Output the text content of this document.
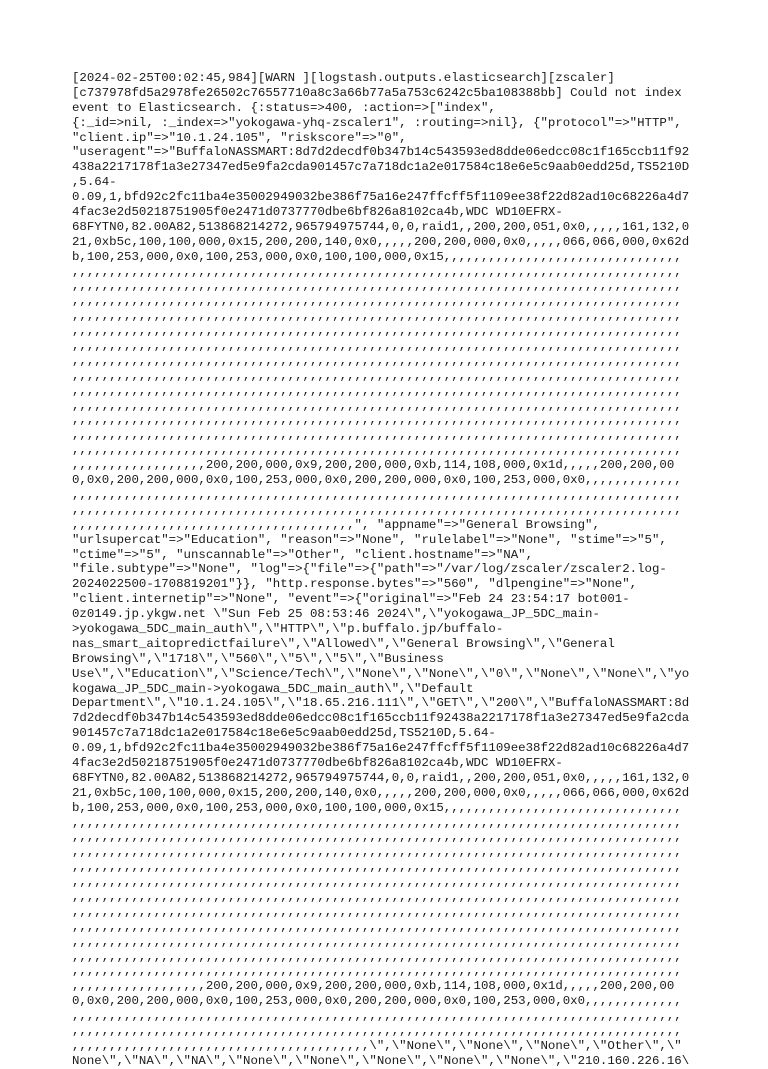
[2024-02-25T00:02:45,984][WARN ][logstash.outputs.elasticsearch][zscaler]
[c737978fd5a2978fe26502c76557710a8c3a66b77a5a753c6242c5ba108388bb] Could not index
event to Elasticsearch. {:status=>400, :action=>["index",
{:_id=>nil, :_index=>"yokogawa-yhq-zscaler1", :routing=>nil}, {"protocol"=>"HTTP",
"client.ip"=>"10.1.24.105", "riskscore"=>"0",
"useragent"=>"BuffaloNASSMART:8d7d2decdf0b347b14c543593ed8dde06edcc08c1f165ccb11f92
438a2217178f1a3e27347ed5e9fa2cda901457c7a718dc1a2e017584c18e6e5c9aab0edd25d,TS5210D
,5.64-
0.09,1,bfd92c2fc11ba4e35002949032be386f75a16e247ffcff5f1109ee38f22d82ad10c68226a4d7
4fac3e2d50218751905f0e2471d0737770dbe6bf826a8102ca4b,WDC WD10EFRX-
68FYTN0,82.00A82,513868214272,965794975744,0,0,raid1,,200,200,051,0x0,,,,,161,132,0
21,0xb5c,100,100,000,0x15,200,200,140,0x0,,,,,200,200,000,0x0,,,,,066,066,000,0x62d
b,100,253,000,0x0,100,253,000,0x0,100,100,000,0x15,,,,,,,,,,,,,,,,,,,,,,,,,,,,,,,,
,,,,,,,,,,,,,,,,,,,,,,,,,,,,,,,,,,,,,,,,,,,,,,,,,,,,,,,,,,,,,,,,,,,,,,,,,,,,,,,,,,
,,,,,,,,,,,,,,,,,,,,,,,,,,,,,,,,,,,,,,,,,,,,,,,,,,,,,,,,,,,,,,,,,,,,,,,,,,,,,,,,,,
,,,,,,,,,,,,,,,,,,,,,,,,,,,,,,,,,,,,,,,,,,,,,,,,,,,,,,,,,,,,,,,,,,,,,,,,,,,,,,,,,,
,,,,,,,,,,,,,,,,,,,,,,,,,,,,,,,,,,,,,,,,,,,,,,,,,,,,,,,,,,,,,,,,,,,,,,,,,,,,,,,,,,
,,,,,,,,,,,,,,,,,,,,,,,,,,,,,,,,,,,,,,,,,,,,,,,,,,,,,,,,,,,,,,,,,,,,,,,,,,,,,,,,,,
,,,,,,,,,,,,,,,,,,,,,,,,,,,,,,,,,,,,,,,,,,,,,,,,,,,,,,,,,,,,,,,,,,,,,,,,,,,,,,,,,,
,,,,,,,,,,,,,,,,,,,,,,,,,,,,,,,,,,,,,,,,,,,,,,,,,,,,,,,,,,,,,,,,,,,,,,,,,,,,,,,,,,
,,,,,,,,,,,,,,,,,,,,,,,,,,,,,,,,,,,,,,,,,,,,,,,,,,,,,,,,,,,,,,,,,,,,,,,,,,,,,,,,,,
,,,,,,,,,,,,,,,,,,,,,,,,,,,,,,,,,,,,,,,,,,,,,,,,,,,,,,,,,,,,,,,,,,,,,,,,,,,,,,,,,,
,,,,,,,,,,,,,,,,,,,,,,,,,,,,,,,,,,,,,,,,,,,,,,,,,,,,,,,,,,,,,,,,,,,,,,,,,,,,,,,,,,
,,,,,,,,,,,,,,,,,,,,,,,,,,,,,,,,,,,,,,,,,,,,,,,,,,,,,,,,,,,,,,,,,,,,,,,,,,,,,,,,,,
,,,,,,,,,,,,,,,,,,,,,,,,,,,,,,,,,,,,,,,,,,,,,,,,,,,,,,,,,,,,,,,,,,,,,,,,,,,,,,,,,,
,,,,,,,,,,,,,,,,,,,,,,,,,,,,,,,,,,,,,,,,,,,,,,,,,,,,,,,,,,,,,,,,,,,,,,,,,,,,,,,,,,
,,,,,,,,,,,,,,,,,,200,200,000,0x9,200,200,000,0xb,114,108,000,0x1d,,,,,200,200,00
0,0x0,200,200,000,0x0,100,253,000,0x0,200,200,000,0x0,100,253,000,0x0,,,,,,,,,,,,,
,,,,,,,,,,,,,,,,,,,,,,,,,,,,,,,,,,,,,,,,,,,,,,,,,,,,,,,,,,,,,,,,,,,,,,,,,,,,,,,,,,
,,,,,,,,,,,,,,,,,,,,,,,,,,,,,,,,,,,,,,,,,,,,,,,,,,,,,,,,,,,,,,,,,,,,,,,,,,,,,,,,,,
,,,,,,,,,,,,,,,,,,,,,,,,,,,,,,,,,,,,,,", "appname"=>"General Browsing",
"urlsupercat"=>"Education", "reason"=>"None", "rulelabel"=>"None", "stime"=>"5",
"ctime"=>"5", "unscannable"=>"Other", "client.hostname"=>"NA",
"file.subtype"=>"None", "log"=>{"file"=>{"path"=>"/var/log/zscaler/zscaler2.log-
2024022500-1708819201"}}, "http.response.bytes"=>"560", "dlpengine"=>"None",
"client.internetip"=>"None", "event"=>{"original"=>"Feb 24 23:54:17 bot001-
0z0149.jp.ykgw.net \"Sun Feb 25 08:53:46 2024\",\"yokogawa_JP_5DC_main-
>yokogawa_5DC_main_auth\",\"HTTP\",\"p.buffalo.jp/buffalo-
nas_smart_aitopredictfailure\",\"Allowed\",\"General Browsing\",\"General
Browsing\",\"1718\",\"560\",\"5\",\"5\",\"Business
Use\",\"Education\",\"Science/Tech\",\"None\",\"None\",\"0\",\"None\",\"None\",\"yo
kogawa_JP_5DC_main->yokogawa_5DC_main_auth\",\"Default
Department\",\"10.1.24.105\",\"18.65.216.111\",\"GET\",\"200\",\"BuffaloNASSMART:8d
7d2decdf0b347b14c543593ed8dde06edcc08c1f165ccb11f92438a2217178f1a3e27347ed5e9fa2cda
901457c7a718dc1a2e017584c18e6e5c9aab0edd25d,TS5210D,5.64-
0.09,1,bfd92c2fc11ba4e35002949032be386f75a16e247ffcff5f1109ee38f22d82ad10c68226a4d7
4fac3e2d50218751905f0e2471d0737770dbe6bf826a8102ca4b,WDC WD10EFRX-
68FYTN0,82.00A82,513868214272,965794975744,0,0,raid1,,200,200,051,0x0,,,,,161,132,0
21,0xb5c,100,100,000,0x15,200,200,140,0x0,,,,,200,200,000,0x0,,,,,066,066,000,0x62d
b,100,253,000,0x0,100,253,000,0x0,100,100,000,0x15,,,,,,,,,,,,,,,,,,,,,,,,,,,,,,,,
,,,,,,,,,,,,,,,,,,,,,,,,,,,,,,,,,,,,,,,,,,,,,,,,,,,,,,,,,,,,,,,,,,,,,,,,,,,,,,,,,,
,,,,,,,,,,,,,,,,,,,,,,,,,,,,,,,,,,,,,,,,,,,,,,,,,,,,,,,,,,,,,,,,,,,,,,,,,,,,,,,,,,
,,,,,,,,,,,,,,,,,,,,,,,,,,,,,,,,,,,,,,,,,,,,,,,,,,,,,,,,,,,,,,,,,,,,,,,,,,,,,,,,,,
,,,,,,,,,,,,,,,,,,,,,,,,,,,,,,,,,,,,,,,,,,,,,,,,,,,,,,,,,,,,,,,,,,,,,,,,,,,,,,,,,,
,,,,,,,,,,,,,,,,,,,,,,,,,,,,,,,,,,,,,,,,,,,,,,,,,,,,,,,,,,,,,,,,,,,,,,,,,,,,,,,,,,
,,,,,,,,,,,,,,,,,,,,,,,,,,,,,,,,,,,,,,,,,,,,,,,,,,,,,,,,,,,,,,,,,,,,,,,,,,,,,,,,,,
,,,,,,,,,,,,,,,,,,,,,,,,,,,,,,,,,,,,,,,,,,,,,,,,,,,,,,,,,,,,,,,,,,,,,,,,,,,,,,,,,,
,,,,,,,,,,,,,,,,,,,,,,,,,,,,,,,,,,,,,,,,,,,,,,,,,,,,,,,,,,,,,,,,,,,,,,,,,,,,,,,,,,
,,,,,,,,,,,,,,,,,,,,,,,,,,,,,,,,,,,,,,,,,,,,,,,,,,,,,,,,,,,,,,,,,,,,,,,,,,,,,,,,,,
,,,,,,,,,,,,,,,,,,,,,,,,,,,,,,,,,,,,,,,,,,,,,,,,,,,,,,,,,,,,,,,,,,,,,,,,,,,,,,,,,,
,,,,,,,,,,,,,,,,,,,,,,,,,,,,,,,,,,,,,,,,,,,,,,,,,,,,,,,,,,,,,,,,,,,,,,,,,,,,,,,,,,
,,,,,,,,,,,,,,,,,,200,200,000,0x9,200,200,000,0xb,114,108,000,0x1d,,,,,200,200,00
0,0x0,200,200,000,0x0,100,253,000,0x0,200,200,000,0x0,100,253,000,0x0,,,,,,,,,,,,,
,,,,,,,,,,,,,,,,,,,,,,,,,,,,,,,,,,,,,,,,,,,,,,,,,,,,,,,,,,,,,,,,,,,,,,,,,,,,,,,,,,
,,,,,,,,,,,,,,,,,,,,,,,,,,,,,,,,,,,,,,,,,,,,,,,,,,,,,,,,,,,,,,,,,,,,,,,,,,,,,,,,,,
,,,,,,,,,,,,,,,,,,,,,,,,,,,,,,,,,,,,,,,,\",\"None\",\"None\",\"None\",\"Other\",\"
None\",\"NA\",\"NA\",\"None\",\"None\",\"None\",\"None\",\"None\",\"210.160.226.16\
